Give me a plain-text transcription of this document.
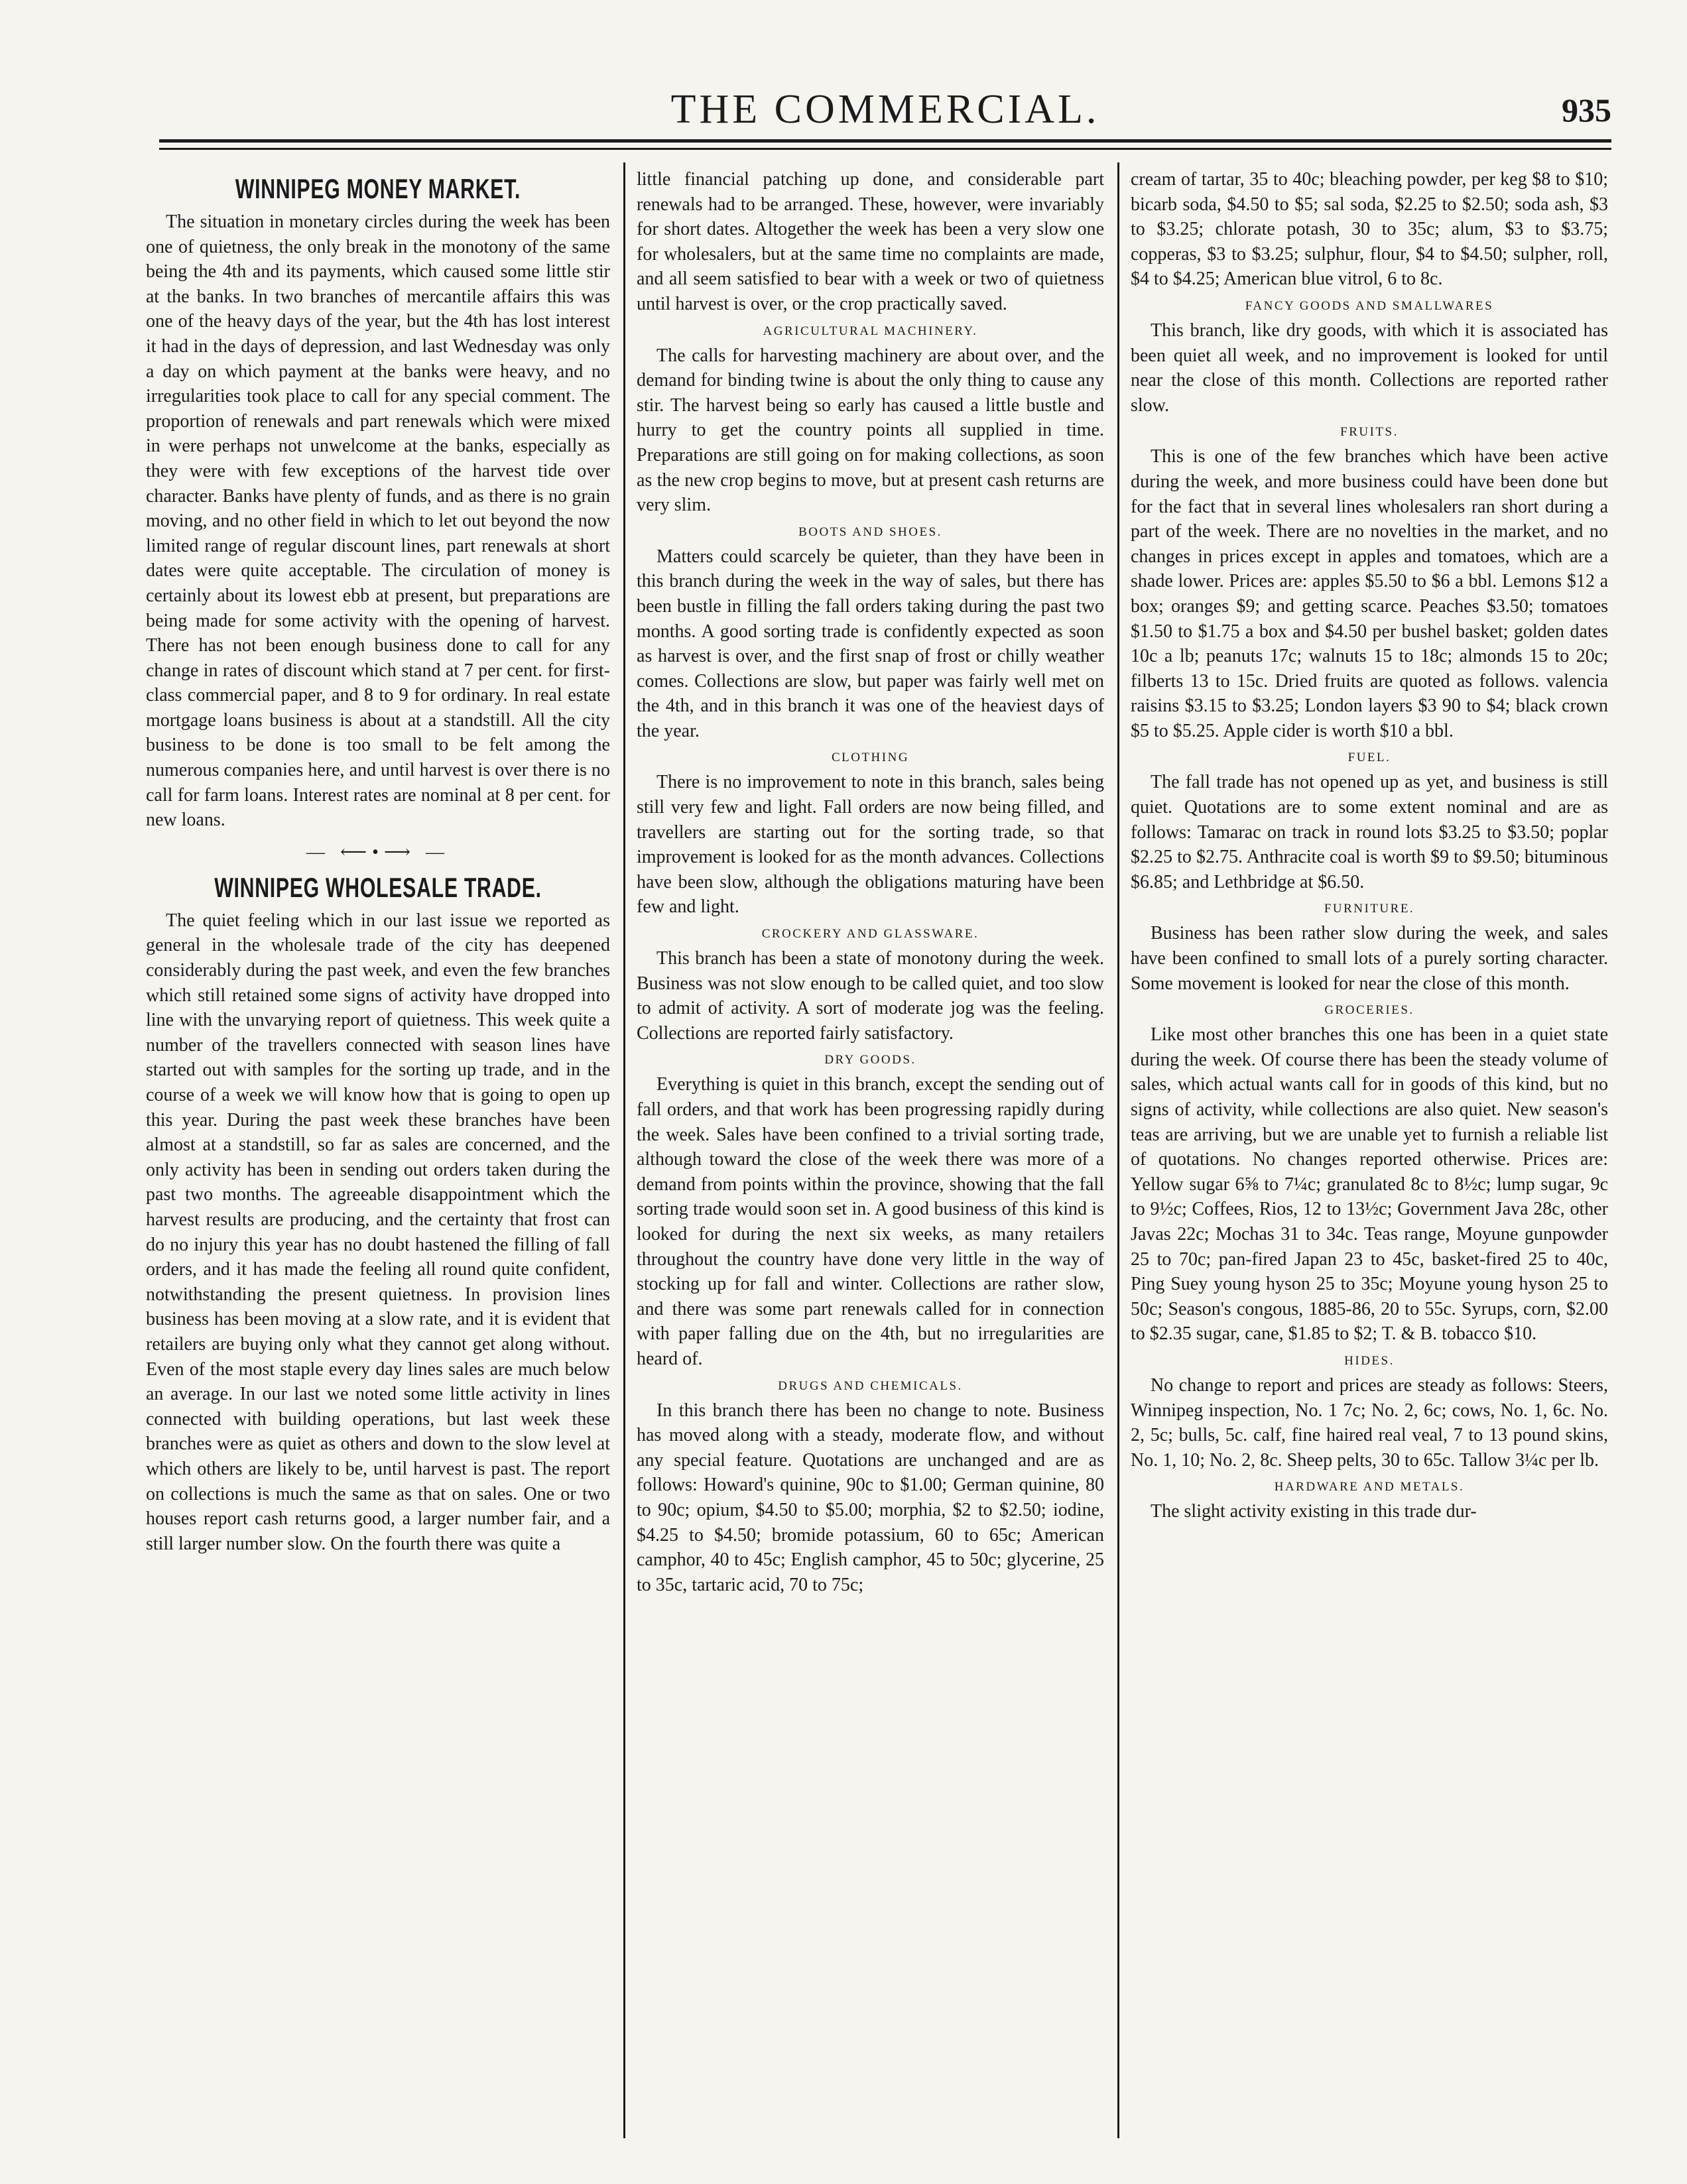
THE COMMERCIAL.	935
WINNIPEG MONEY MARKET.

The situation in monetary circles during the week has been one of quietness, the only break in the monotony of the same being the 4th and its payments, which caused some little stir at the banks. In two branches of mercantile affairs this was one of the heavy days of the year, but the 4th has lost interest it had in the days of depression, and last Wednesday was only a day on which payment at the banks were heavy, and no irregularities took place to call for any special comment. The proportion of renewals and part renewals which were mixed in were perhaps not unwelcome at the banks, especially as they were with few exceptions of the harvest tide over character. Banks have plenty of funds, and as there is no grain moving, and no other field in which to let out beyond the now limited range of regular discount lines, part renewals at short dates were quite acceptable. The circulation of money is certainly about its lowest ebb at present, but preparations are being made for some activity with the opening of harvest. There has not been enough business done to call for any change in rates of discount which stand at 7 per cent. for first-class commercial paper, and 8 to 9 for ordinary. In real estate mortgage loans business is about at a standstill. All the city business to be done is too small to be felt among the numerous companies here, and until harvest is over there is no call for farm loans. Interest rates are nominal at 8 per cent. for new loans.

— ⟵•⟶ —
WINNIPEG WHOLESALE TRADE.

The quiet feeling which in our last issue we reported as general in the wholesale trade of the city has deepened considerably during the past week, and even the few branches which still retained some signs of activity have dropped into line with the unvarying report of quietness. This week quite a number of the travellers connected with season lines have started out with samples for the sorting up trade, and in the course of a week we will know how that is going to open up this year. During the past week these branches have been almost at a standstill, so far as sales are concerned, and the only activity has been in sending out orders taken during the past two months. The agreeable disappointment which the harvest results are producing, and the certainty that frost can do no injury this year has no doubt hastened the filling of fall orders, and it has made the feeling all round quite confident, notwithstanding the present quietness. In provision lines business has been moving at a slow rate, and it is evident that retailers are buying only what they cannot get along without. Even of the most staple every day lines sales are much below an average. In our last we noted some little activity in lines connected with building operations, but last week these branches were as quiet as others and down to the slow level at which others are likely to be, until harvest is past. The report on collections is much the same as that on sales. One or two houses report cash returns good, a larger number fair, and a still larger number slow. On the fourth there was quite a

little financial patching up done, and considerable part renewals had to be arranged. These, however, were invariably for short dates. Altogether the week has been a very slow one for wholesalers, but at the same time no complaints are made, and all seem satisfied to bear with a week or two of quietness until harvest is over, or the crop practically saved.

AGRICULTURAL MACHINERY.

The calls for harvesting machinery are about over, and the demand for binding twine is about the only thing to cause any stir. The harvest being so early has caused a little bustle and hurry to get the country points all supplied in time. Preparations are still going on for making collections, as soon as the new crop begins to move, but at present cash returns are very slim.

BOOTS AND SHOES.

Matters could scarcely be quieter, than they have been in this branch during the week in the way of sales, but there has been bustle in filling the fall orders taking during the past two months. A good sorting trade is confidently expected as soon as harvest is over, and the first snap of frost or chilly weather comes. Collections are slow, but paper was fairly well met on the 4th, and in this branch it was one of the heaviest days of the year.

CLOTHING

There is no improvement to note in this branch, sales being still very few and light. Fall orders are now being filled, and travellers are starting out for the sorting trade, so that improvement is looked for as the month advances. Collections have been slow, although the obligations maturing have been few and light.

CROCKERY AND GLASSWARE.

This branch has been a state of monotony during the week. Business was not slow enough to be called quiet, and too slow to admit of activity. A sort of moderate jog was the feeling. Collections are reported fairly satisfactory.

DRY GOODS.

Everything is quiet in this branch, except the sending out of fall orders, and that work has been progressing rapidly during the week. Sales have been confined to a trivial sorting trade, although toward the close of the week there was more of a demand from points within the province, showing that the fall sorting trade would soon set in. A good business of this kind is looked for during the next six weeks, as many retailers throughout the country have done very little in the way of stocking up for fall and winter. Collections are rather slow, and there was some part renewals called for in connection with paper falling due on the 4th, but no irregularities are heard of.

DRUGS AND CHEMICALS.

In this branch there has been no change to note. Business has moved along with a steady, moderate flow, and without any special feature. Quotations are unchanged and are as follows: Howard's quinine, 90c to $1.00; German quinine, 80 to 90c; opium, $4.50 to $5.00; morphia, $2 to $2.50; iodine, $4.25 to $4.50; bromide potassium, 60 to 65c; American camphor, 40 to 45c; English camphor, 45 to 50c; glycerine, 25 to 35c, tartaric acid, 70 to 75c;

cream of tartar, 35 to 40c; bleaching powder, per keg $8 to $10; bicarb soda, $4.50 to $5; sal soda, $2.25 to $2.50; soda ash, $3 to $3.25; chlorate potash, 30 to 35c; alum, $3 to $3.75; copperas, $3 to $3.25; sulphur, flour, $4 to $4.50; sulpher, roll, $4 to $4.25; American blue vitrol, 6 to 8c.

FANCY GOODS AND SMALLWARES

This branch, like dry goods, with which it is associated has been quiet all week, and no improvement is looked for until near the close of this month. Collections are reported rather slow.

FRUITS.

This is one of the few branches which have been active during the week, and more business could have been done but for the fact that in several lines wholesalers ran short during a part of the week. There are no novelties in the market, and no changes in prices except in apples and tomatoes, which are a shade lower. Prices are: apples $5.50 to $6 a bbl. Lemons $12 a box; oranges $9; and getting scarce. Peaches $3.50; tomatoes $1.50 to $1.75 a box and $4.50 per bushel basket; golden dates 10c a lb; peanuts 17c; walnuts 15 to 18c; almonds 15 to 20c; filberts 13 to 15c. Dried fruits are quoted as follows. valencia raisins $3.15 to $3.25; London layers $3 90 to $4; black crown $5 to $5.25. Apple cider is worth $10 a bbl.

FUEL.

The fall trade has not opened up as yet, and business is still quiet. Quotations are to some extent nominal and are as follows: Tamarac on track in round lots $3.25 to $3.50; poplar $2.25 to $2.75. Anthracite coal is worth $9 to $9.50; bituminous $6.85; and Lethbridge at $6.50.

FURNITURE.

Business has been rather slow during the week, and sales have been confined to small lots of a purely sorting character. Some movement is looked for near the close of this month.

GROCERIES.

Like most other branches this one has been in a quiet state during the week. Of course there has been the steady volume of sales, which actual wants call for in goods of this kind, but no signs of activity, while collections are also quiet. New season's teas are arriving, but we are unable yet to furnish a reliable list of quotations. No changes reported otherwise. Prices are: Yellow sugar 6⅝ to 7¼c; granulated 8c to 8½c; lump sugar, 9c to 9½c; Coffees, Rios, 12 to 13½c; Government Java 28c, other Javas 22c; Mochas 31 to 34c. Teas range, Moyune gunpowder 25 to 70c; pan-fired Japan 23 to 45c, basket-fired 25 to 40c, Ping Suey young hyson 25 to 35c; Moyune young hyson 25 to 50c; Season's congous, 1885-86, 20 to 55c. Syrups, corn, $2.00 to $2.35 sugar, cane, $1.85 to $2; T. & B. tobacco $10.

HIDES.

No change to report and prices are steady as follows: Steers, Winnipeg inspection, No. 1 7c; No. 2, 6c; cows, No. 1, 6c. No. 2, 5c; bulls, 5c. calf, fine haired real veal, 7 to 13 pound skins, No. 1, 10; No. 2, 8c. Sheep pelts, 30 to 65c. Tallow 3¼c per lb.

HARDWARE AND METALS.

The slight activity existing in this trade dur-
